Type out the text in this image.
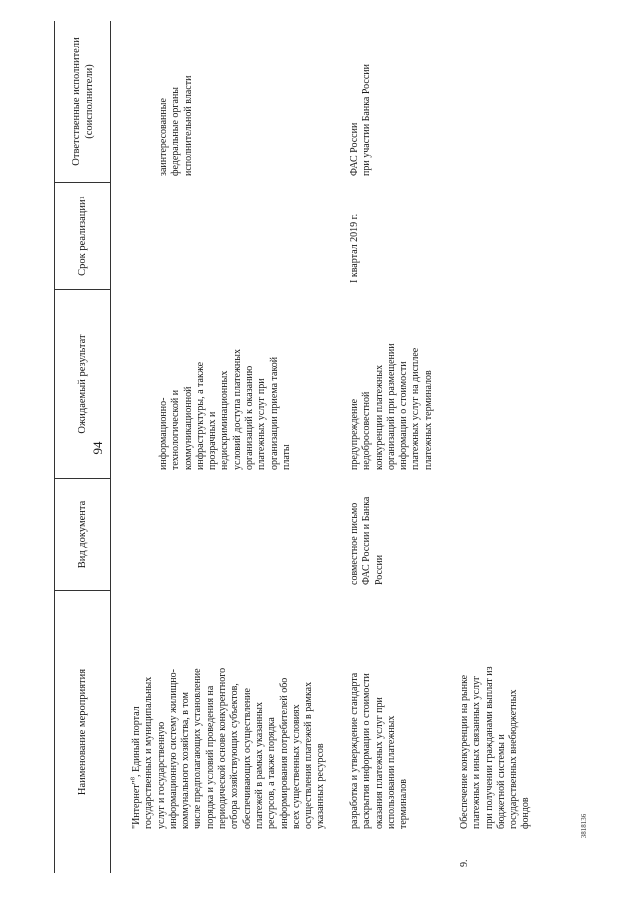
94
Наименование мероприятия
Вид документа
Ожидаемый результат
Срок реализации
1
Ответственные исполнители
(соисполнители)
"Интернет"$^8$, Единый портал
государственных и муниципальных
услуг и государственную
информационную систему жилищно-
коммунального хозяйства, в том
числе предполагающих установление
порядка и условий проведения на
периодической основе конкурентного
отбора хозяйствующих субъектов,
обеспечивающих осуществление
платежей в рамках указанных
ресурсов, а также порядка
информирования потребителей обо
всех существенных условиях
осуществления платежей в рамках
указанных ресурсов
информационно-
технологической и
коммуникационной
инфраструктуры, а также
прозрачных и
недискриминационных
условий доступа платежных
организаций к оказанию
платежных услуг при
организации приема такой
платы
заинтересованные
федеральные органы
исполнительной власти
разработка и утверждение стандарта
раскрытия информации о стоимости
оказания платежных услуг при
использовании платежных
терминалов
совместное письмо
ФАС России и Банка
России
предупреждение
недобросовестной
конкуренции платежных
организаций при размещении
информации о стоимости
платежных услуг на дисплее
платежных терминалов
I квартал 2019 г.
ФАС России
при участии Банка России
9.
Обеспечение конкуренции на рынке
платежных и иных связанных услуг
при получении гражданами выплат из
бюджетной системы и
государственных внебюджетных
фондов	3818136
